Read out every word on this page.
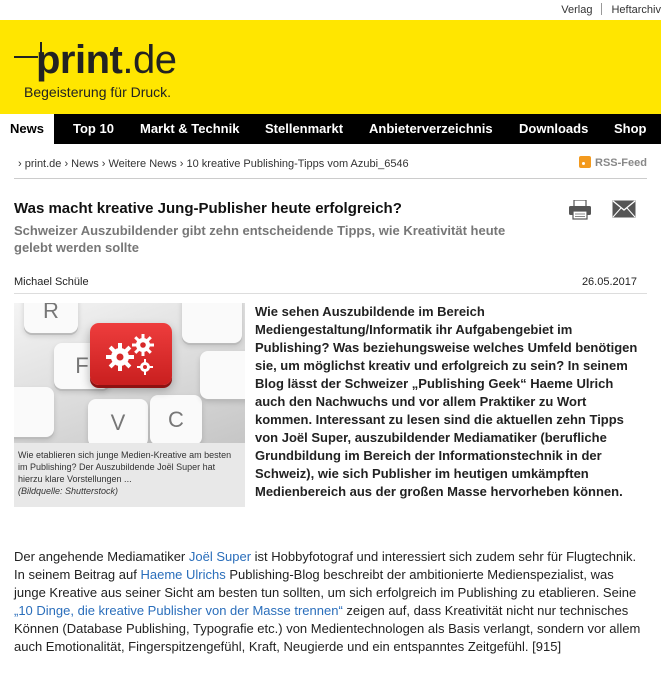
Verlag Heftarchiv
print.de
Begeisterung für Druck.
News	Top 10 Markt & Technik Stellenmarkt Anbieterverzeichnis Downloads Shop
› print.de › News › Weitere News › 10 kreative Publishing-Tipps vom Azubi_6546	RSS-Feed
Was macht kreative Jung-Publisher heute erfolgreich?
Schweizer Auszubildender gibt zehn entscheidende Tipps, wie Kreativität heute gelebt werden sollte
Michael Schüle	26.05.2017
R
F
V	C
Wie etablieren sich junge Medien-Kreative am besten im Publishing? Der Auszubildende Joël Super hat hierzu klare Vorstellungen ...
(Bildquelle: Shutterstock)
Wie sehen Auszubildende im Bereich Mediengestaltung/Informatik ihr Aufgabengebiet im Publishing? Was beziehungsweise welches Umfeld benötigen sie, um möglichst kreativ und erfolgreich zu sein? In seinem Blog lässt der Schweizer „Publishing Geek“ Haeme Ulrich auch den Nachwuchs und vor allem Praktiker zu Wort kommen. Interessant zu lesen sind die aktuellen zehn Tipps von Joël Super, auszubildender Mediamatiker (berufliche Grundbildung im Bereich der Informationstechnik in der Schweiz), wie sich Publisher im heutigen umkämpften Medienbereich aus der großen Masse hervorheben können.
Der angehende Mediamatiker Joël Super ist Hobbyfotograf und interessiert sich zudem sehr für Flugtechnik. In seinem Beitrag auf Haeme Ulrichs Publishing-Blog beschreibt der ambitionierte Medienspezialist, was junge Kreative aus seiner Sicht am besten tun sollten, um sich erfolgreich im Publishing zu etablieren. Seine „10 Dinge, die kreative Publisher von der Masse trennen“ zeigen auf, dass Kreativität nicht nur technisches Können (Database Publishing, Typografie etc.) von Medientechnologen als Basis verlangt, sondern vor allem auch Emotionalität, Fingerspitzengefühl, Kraft, Neugierde und ein entspanntes Zeitgefühl. [915]
